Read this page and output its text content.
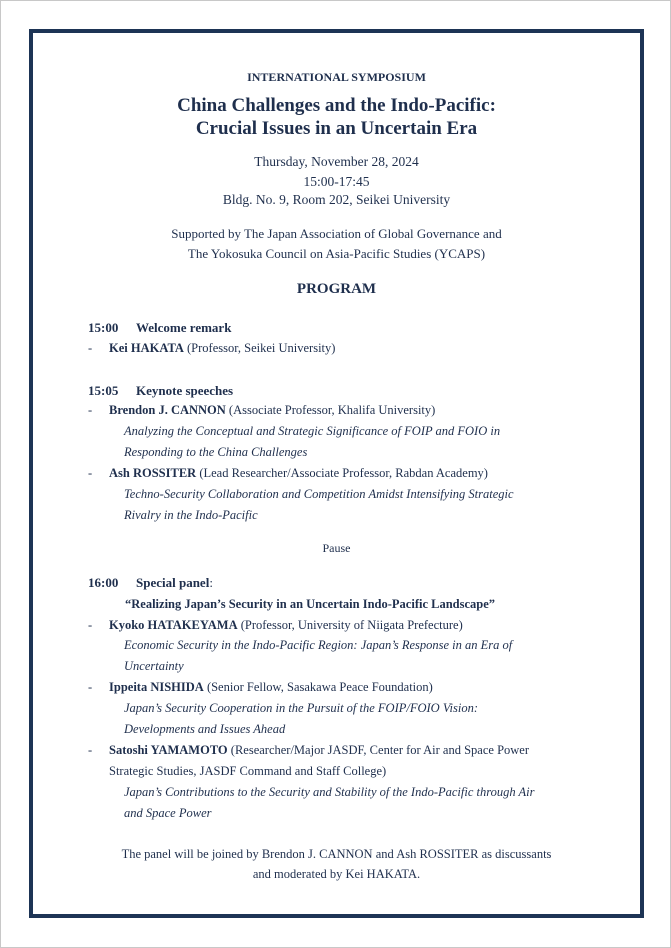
INTERNATIONAL SYMPOSIUM
China Challenges and the Indo-Pacific:
Crucial Issues in an Uncertain Era
Thursday, November 28, 2024
15:00-17:45
Bldg. No. 9, Room 202, Seikei University
Supported by The Japan Association of Global Governance and
The Yokosuka Council on Asia-Pacific Studies (YCAPS)
PROGRAM
15:00 Welcome remark
- Kei HAKATA (Professor, Seikei University)
15:05 Keynote speeches
- Brendon J. CANNON (Associate Professor, Khalifa University)
Analyzing the Conceptual and Strategic Significance of FOIP and FOIO in
Responding to the China Challenges
- Ash ROSSITER (Lead Researcher/Associate Professor, Rabdan Academy)
Techno-Security Collaboration and Competition Amidst Intensifying Strategic
Rivalry in the Indo-Pacific
Pause
16:00 Special panel:
“Realizing Japan’s Security in an Uncertain Indo-Pacific Landscape”
- Kyoko HATAKEYAMA (Professor, University of Niigata Prefecture)
Economic Security in the Indo-Pacific Region: Japan’s Response in an Era of
Uncertainty
- Ippeita NISHIDA (Senior Fellow, Sasakawa Peace Foundation)
Japan’s Security Cooperation in the Pursuit of the FOIP/FOIO Vision:
Developments and Issues Ahead
- Satoshi YAMAMOTO (Researcher/Major JASDF, Center for Air and Space Power
Strategic Studies, JASDF Command and Staff College)
Japan’s Contributions to the Security and Stability of the Indo-Pacific through Air
and Space Power
The panel will be joined by Brendon J. CANNON and Ash ROSSITER as discussants
and moderated by Kei HAKATA.
